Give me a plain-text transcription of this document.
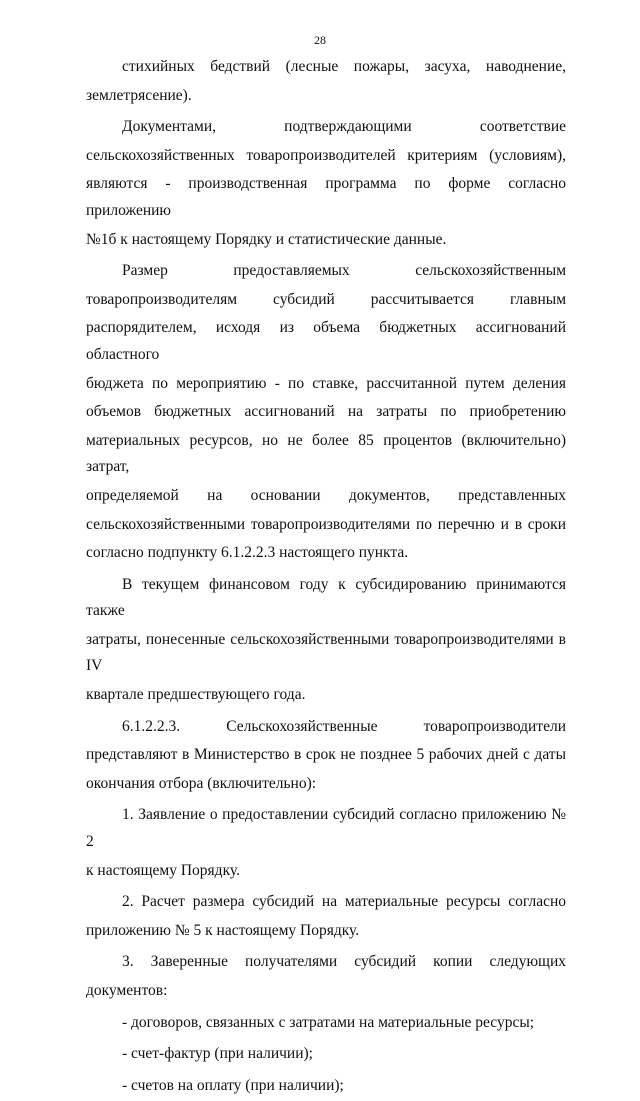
28
стихийных бедствий (лесные пожары, засуха, наводнение,
землетрясение).
Документами, подтверждающими соответствие
сельскохозяйственных товаропроизводителей критериям (условиям),
являются - производственная программа по форме согласно приложению
№1б к настоящему Порядку и статистические данные.
Размер предоставляемых сельскохозяйственным
товаропроизводителям субсидий рассчитывается главным
распорядителем, исходя из объема бюджетных ассигнований областного
бюджета по мероприятию - по ставке, рассчитанной путем деления
объемов бюджетных ассигнований на затраты по приобретению
материальных ресурсов, но не более 85 процентов (включительно) затрат,
определяемой на основании документов, представленных
сельскохозяйственными товаропроизводителями по перечню и в сроки
согласно подпункту 6.1.2.2.3 настоящего пункта.
В текущем финансовом году к субсидированию принимаются также
затраты, понесенные сельскохозяйственными товаропроизводителями в IV
квартале предшествующего года.
6.1.2.2.3. Сельскохозяйственные товаропроизводители
представляют в Министерство в срок не позднее 5 рабочих дней с даты
окончания отбора (включительно):
1. Заявление о предоставлении субсидий согласно приложению № 2
к настоящему Порядку.
2. Расчет размера субсидий на материальные ресурсы согласно
приложению № 5 к настоящему Порядку.
3. Заверенные получателями субсидий копии следующих
документов:
- договоров, связанных с затратами на материальные ресурсы;
- счет-фактур (при наличии);
- счетов на оплату (при наличии);
